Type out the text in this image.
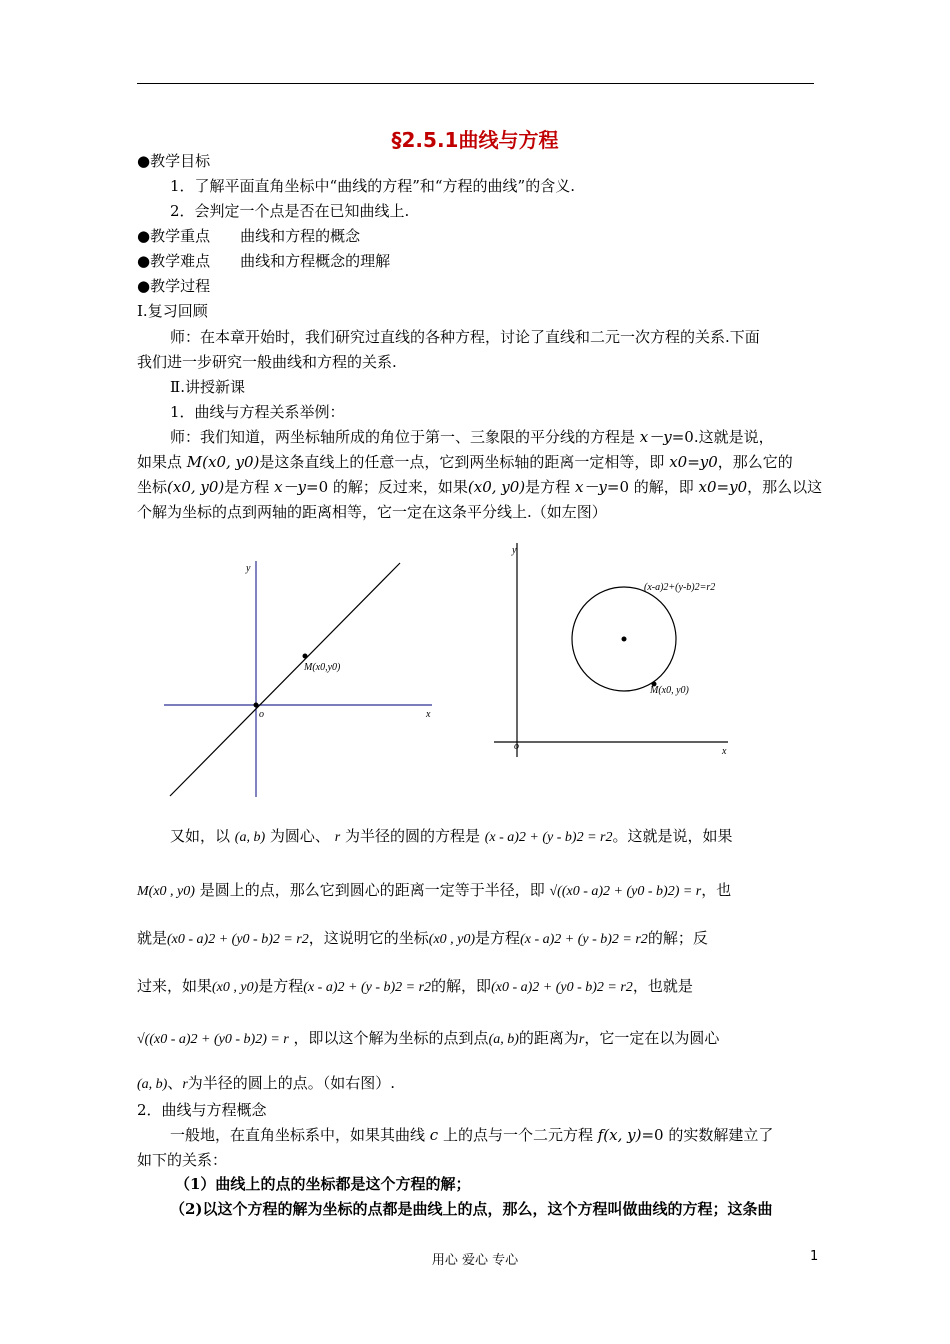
§2.5.1曲线与方程
●教学目标
1．了解平面直角坐标中“曲线的方程”和“方程的曲线”的含义.
2．会判定一个点是否在已知曲线上.
●教学重点　　曲线和方程的概念
●教学难点　　曲线和方程概念的理解
●教学过程
Ⅰ.复习回顾
师：在本章开始时，我们研究过直线的各种方程，讨论了直线和二元一次方程的关系.下面
我们进一步研究一般曲线和方程的关系.
Ⅱ.讲授新课
1．曲线与方程关系举例：
师：我们知道，两坐标轴所成的角位于第一、三象限的平分线的方程是 x－y=0.这就是说，
如果点 M(x0, y0)是这条直线上的任意一点，它到两坐标轴的距离一定相等，即 x0=y0，那么它的
坐标(x0, y0)是方程 x－y=0 的解；反过来，如果(x0, y0)是方程 x－y=0 的解，即 x0=y0，那么以这
个解为坐标的点到两轴的距离相等，它一定在这条平分线上.（如左图）
y
x
o
M(x0,y0)
y
x
o
(x-a)2+(y-b)2=r2
M(x0, y0)
又如，以 (a, b) 为圆心、 r 为半径的圆的方程是 (x - a)2 + (y - b)2 = r2。这就是说，如果
M(x0 , y0) 是圆上的点，那么它到圆心的距离一定等于半径，即 √((x0 - a)2 + (y0 - b)2) = r，也
就是(x0 - a)2 + (y0 - b)2 = r2，这说明它的坐标(x0 , y0)是方程(x - a)2 + (y - b)2 = r2的解；反
过来，如果(x0 , y0)是方程(x - a)2 + (y - b)2 = r2的解，即(x0 - a)2 + (y0 - b)2 = r2，也就是
√((x0 - a)2 + (y0 - b)2) = r ，即以这个解为坐标的点到点(a, b)的距离为r，它一定在以为圆心
(a, b)、r为半径的圆上的点。（如右图）.
2．曲线与方程概念
一般地，在直角坐标系中，如果其曲线 c 上的点与一个二元方程 f(x, y)=0 的实数解建立了
如下的关系：
（1）曲线上的点的坐标都是这个方程的解；
（2)以这个方程的解为坐标的点都是曲线上的点，那么，这个方程叫做曲线的方程；这条曲
用心 爱心 专心	1
